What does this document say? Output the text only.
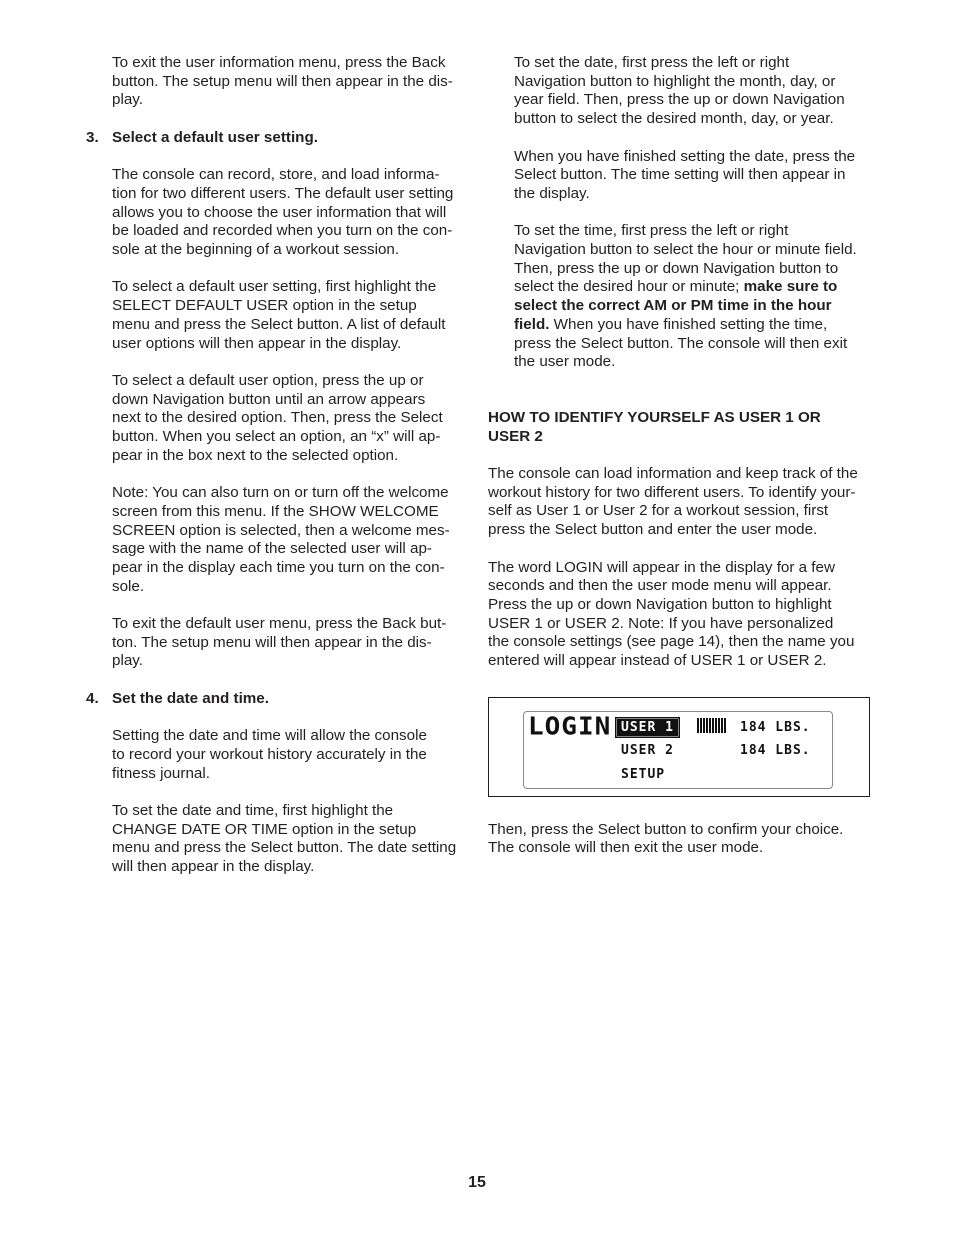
To exit the user information menu, press the Back

button. The setup menu will then appear in the dis-

play.

3. Select a default user setting.

The console can record, store, and load informa-

tion for two different users. The default user setting

allows you to choose the user information that will

be loaded and recorded when you turn on the con-

sole at the beginning of a workout session.

To select a default user setting, first highlight the

SELECT DEFAULT USER option in the setup

menu and press the Select button. A list of default

user options will then appear in the display.

To select a default user option, press the up or

down Navigation button until an arrow appears

next to the desired option. Then, press the Select

button. When you select an option, an “x” will ap-

pear in the box next to the selected option.

Note: You can also turn on or turn off the welcome

screen from this menu. If the SHOW WELCOME

SCREEN option is selected, then a welcome mes-

sage with the name of the selected user will ap-

pear in the display each time you turn on the con-

sole.

To exit the default user menu, press the Back but-

ton. The setup menu will then appear in the dis-

play.

4. Set the date and time.

Setting the date and time will allow the console

to record your workout history accurately in the

fitness journal.

To set the date and time, first highlight the

CHANGE DATE OR TIME option in the setup

menu and press the Select button. The date setting

will then appear in the display.

To set the date, first press the left or right

Navigation button to highlight the month, day, or

year field. Then, press the up or down Navigation

button to select the desired month, day, or year.

When you have finished setting the date, press the

Select button. The time setting will then appear in

the display.

To set the time, first press the left or right

Navigation button to select the hour or minute field.

Then, press the up or down Navigation button to

select the desired hour or minute; make sure to

select the correct AM or PM time in the hour

field. When you have finished setting the time,

press the Select button. The console will then exit

the user mode.

HOW TO IDENTIFY YOURSELF AS USER 1 OR

USER 2

The console can load information and keep track of the

workout history for two different users. To identify your-

self as User 1 or User 2 for a workout session, first

press the Select button and enter the user mode.

The word LOGIN will appear in the display for a few

seconds and then the user mode menu will appear.

Press the up or down Navigation button to highlight

USER 1 or USER 2. Note: If you have personalized

the console settings (see page 14), then the name you

entered will appear instead of USER 1 or USER 2.

LOGIN USER 1	184 LBS.
USER 2	184 LBS.
SETUP

Then, press the Select button to confirm your choice.

The console will then exit the user mode.

15
